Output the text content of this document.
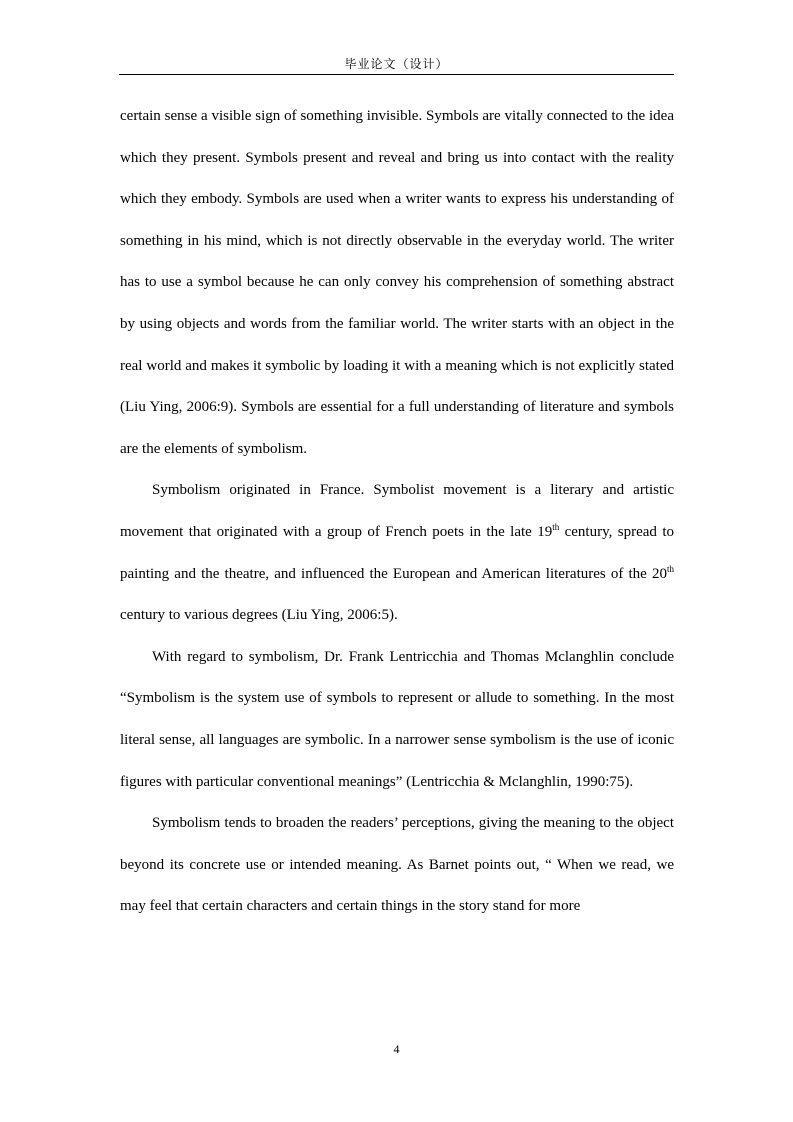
毕业论文（设计）

certain sense a visible sign of something invisible. Symbols are vitally connected to the idea which they present. Symbols present and reveal and bring us into contact with the reality which they embody. Symbols are used when a writer wants to express his understanding of something in his mind, which is not directly observable in the everyday world. The writer has to use a symbol because he can only convey his comprehension of something abstract by using objects and words from the familiar world. The writer starts with an object in the real world and makes it symbolic by loading it with a meaning which is not explicitly stated (Liu Ying, 2006:9). Symbols are essential for a full understanding of literature and symbols are the elements of symbolism.

Symbolism originated in France. Symbolist movement is a literary and artistic movement that originated with a group of French poets in the late 19th century, spread to painting and the theatre, and influenced the European and American literatures of the 20th century to various degrees (Liu Ying, 2006:5).

With regard to symbolism, Dr. Frank Lentricchia and Thomas Mclanghlin conclude “Symbolism is the system use of symbols to represent or allude to something. In the most literal sense, all languages are symbolic. In a narrower sense symbolism is the use of iconic figures with particular conventional meanings” (Lentricchia & Mclanghlin, 1990:75).

Symbolism tends to broaden the readers’ perceptions, giving the meaning to the object beyond its concrete use or intended meaning. As Barnet points out, “ When we read, we may feel that certain characters and certain things in the story stand for more

4
